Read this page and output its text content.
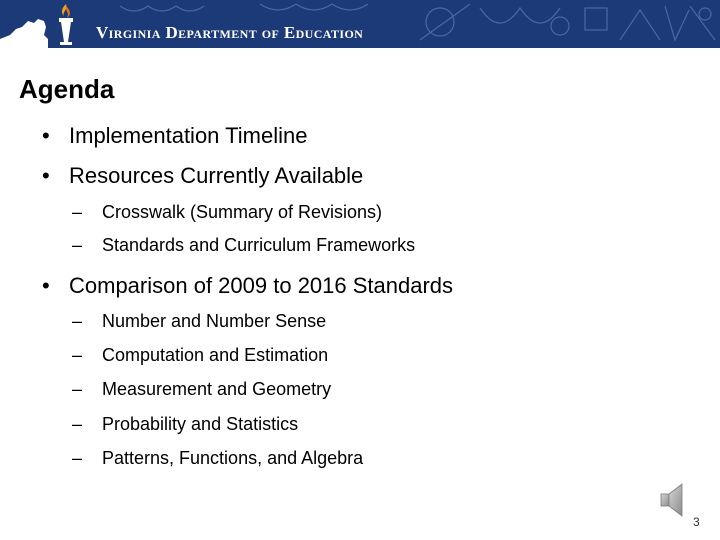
Virginia Department of Education
Agenda
• Implementation Timeline
• Resources Currently Available
– Crosswalk (Summary of Revisions)
– Standards and Curriculum Frameworks
• Comparison of 2009 to 2016 Standards
– Number and Number Sense
– Computation and Estimation
– Measurement and Geometry
– Probability and Statistics
– Patterns, Functions, and Algebra
3
